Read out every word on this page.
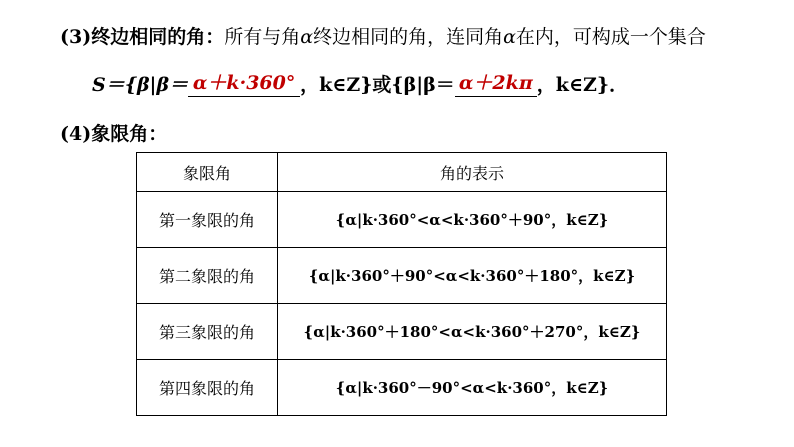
(3)终边相同的角：所有与角α终边相同的角，连同角α在内，可构成一个集合
S＝{β|β＝ α＋k·360° ，k∈Z}或{β|β＝ α＋2kπ ，k∈Z}．
(4)象限角：
象限角	角的表示
第一象限的角	{α|k·360°<α<k·360°＋90°，k∈Z}
第二象限的角	{α|k·360°＋90°<α<k·360°＋180°，k∈Z}
第三象限的角	{α|k·360°＋180°<α<k·360°＋270°，k∈Z}
第四象限的角	{α|k·360°－90°<α<k·360°，k∈Z}
